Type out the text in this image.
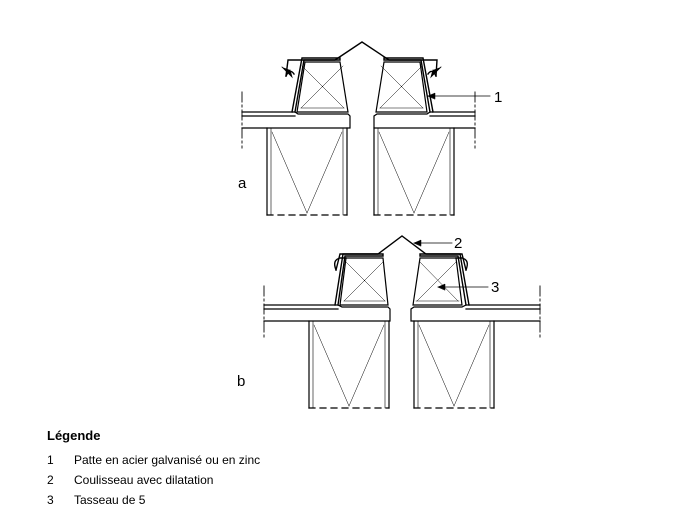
1
a
2
3
b
Légende
1	Patte en acier galvanisé ou en zinc
2	Coulisseau avec dilatation
3	Tasseau de 5
